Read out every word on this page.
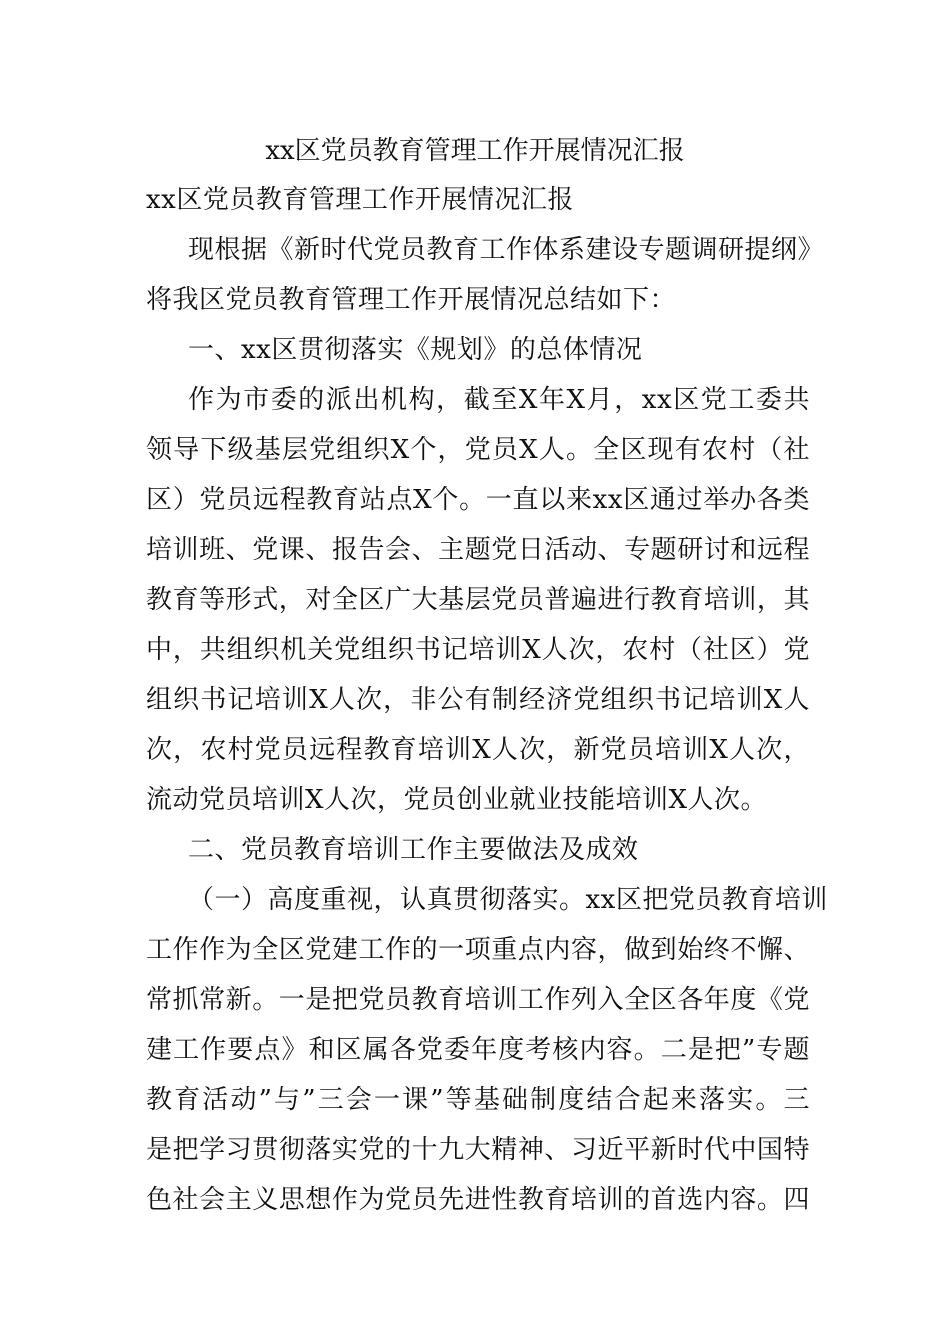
xx区党员教育管理工作开展情况汇报
xx区党员教育管理工作开展情况汇报
现根据《新时代党员教育工作体系建设专题调研提纲》
将我区党员教育管理工作开展情况总结如下：
一、xx区贯彻落实《规划》的总体情况
作为市委的派出机构，截至X年X月，xx区党工委共
领导下级基层党组织X个，党员X人。全区现有农村（社
区）党员远程教育站点X个。一直以来xx区通过举办各类
培训班、党课、报告会、主题党日活动、专题研讨和远程
教育等形式，对全区广大基层党员普遍进行教育培训，其
中，共组织机关党组织书记培训X人次，农村（社区）党
组织书记培训X人次，非公有制经济党组织书记培训X人
次，农村党员远程教育培训X人次，新党员培训X人次，
流动党员培训X人次，党员创业就业技能培训X人次。
二、党员教育培训工作主要做法及成效
（一）高度重视，认真贯彻落实。xx区把党员教育培训
工作作为全区党建工作的一项重点内容，做到始终不懈、
常抓常新。一是把党员教育培训工作列入全区各年度《党
建工作要点》和区属各党委年度考核内容。二是把”专题
教育活动”与”三会一课”等基础制度结合起来落实。三
是把学习贯彻落实党的十九大精神、习近平新时代中国特
色社会主义思想作为党员先进性教育培训的首选内容。四
